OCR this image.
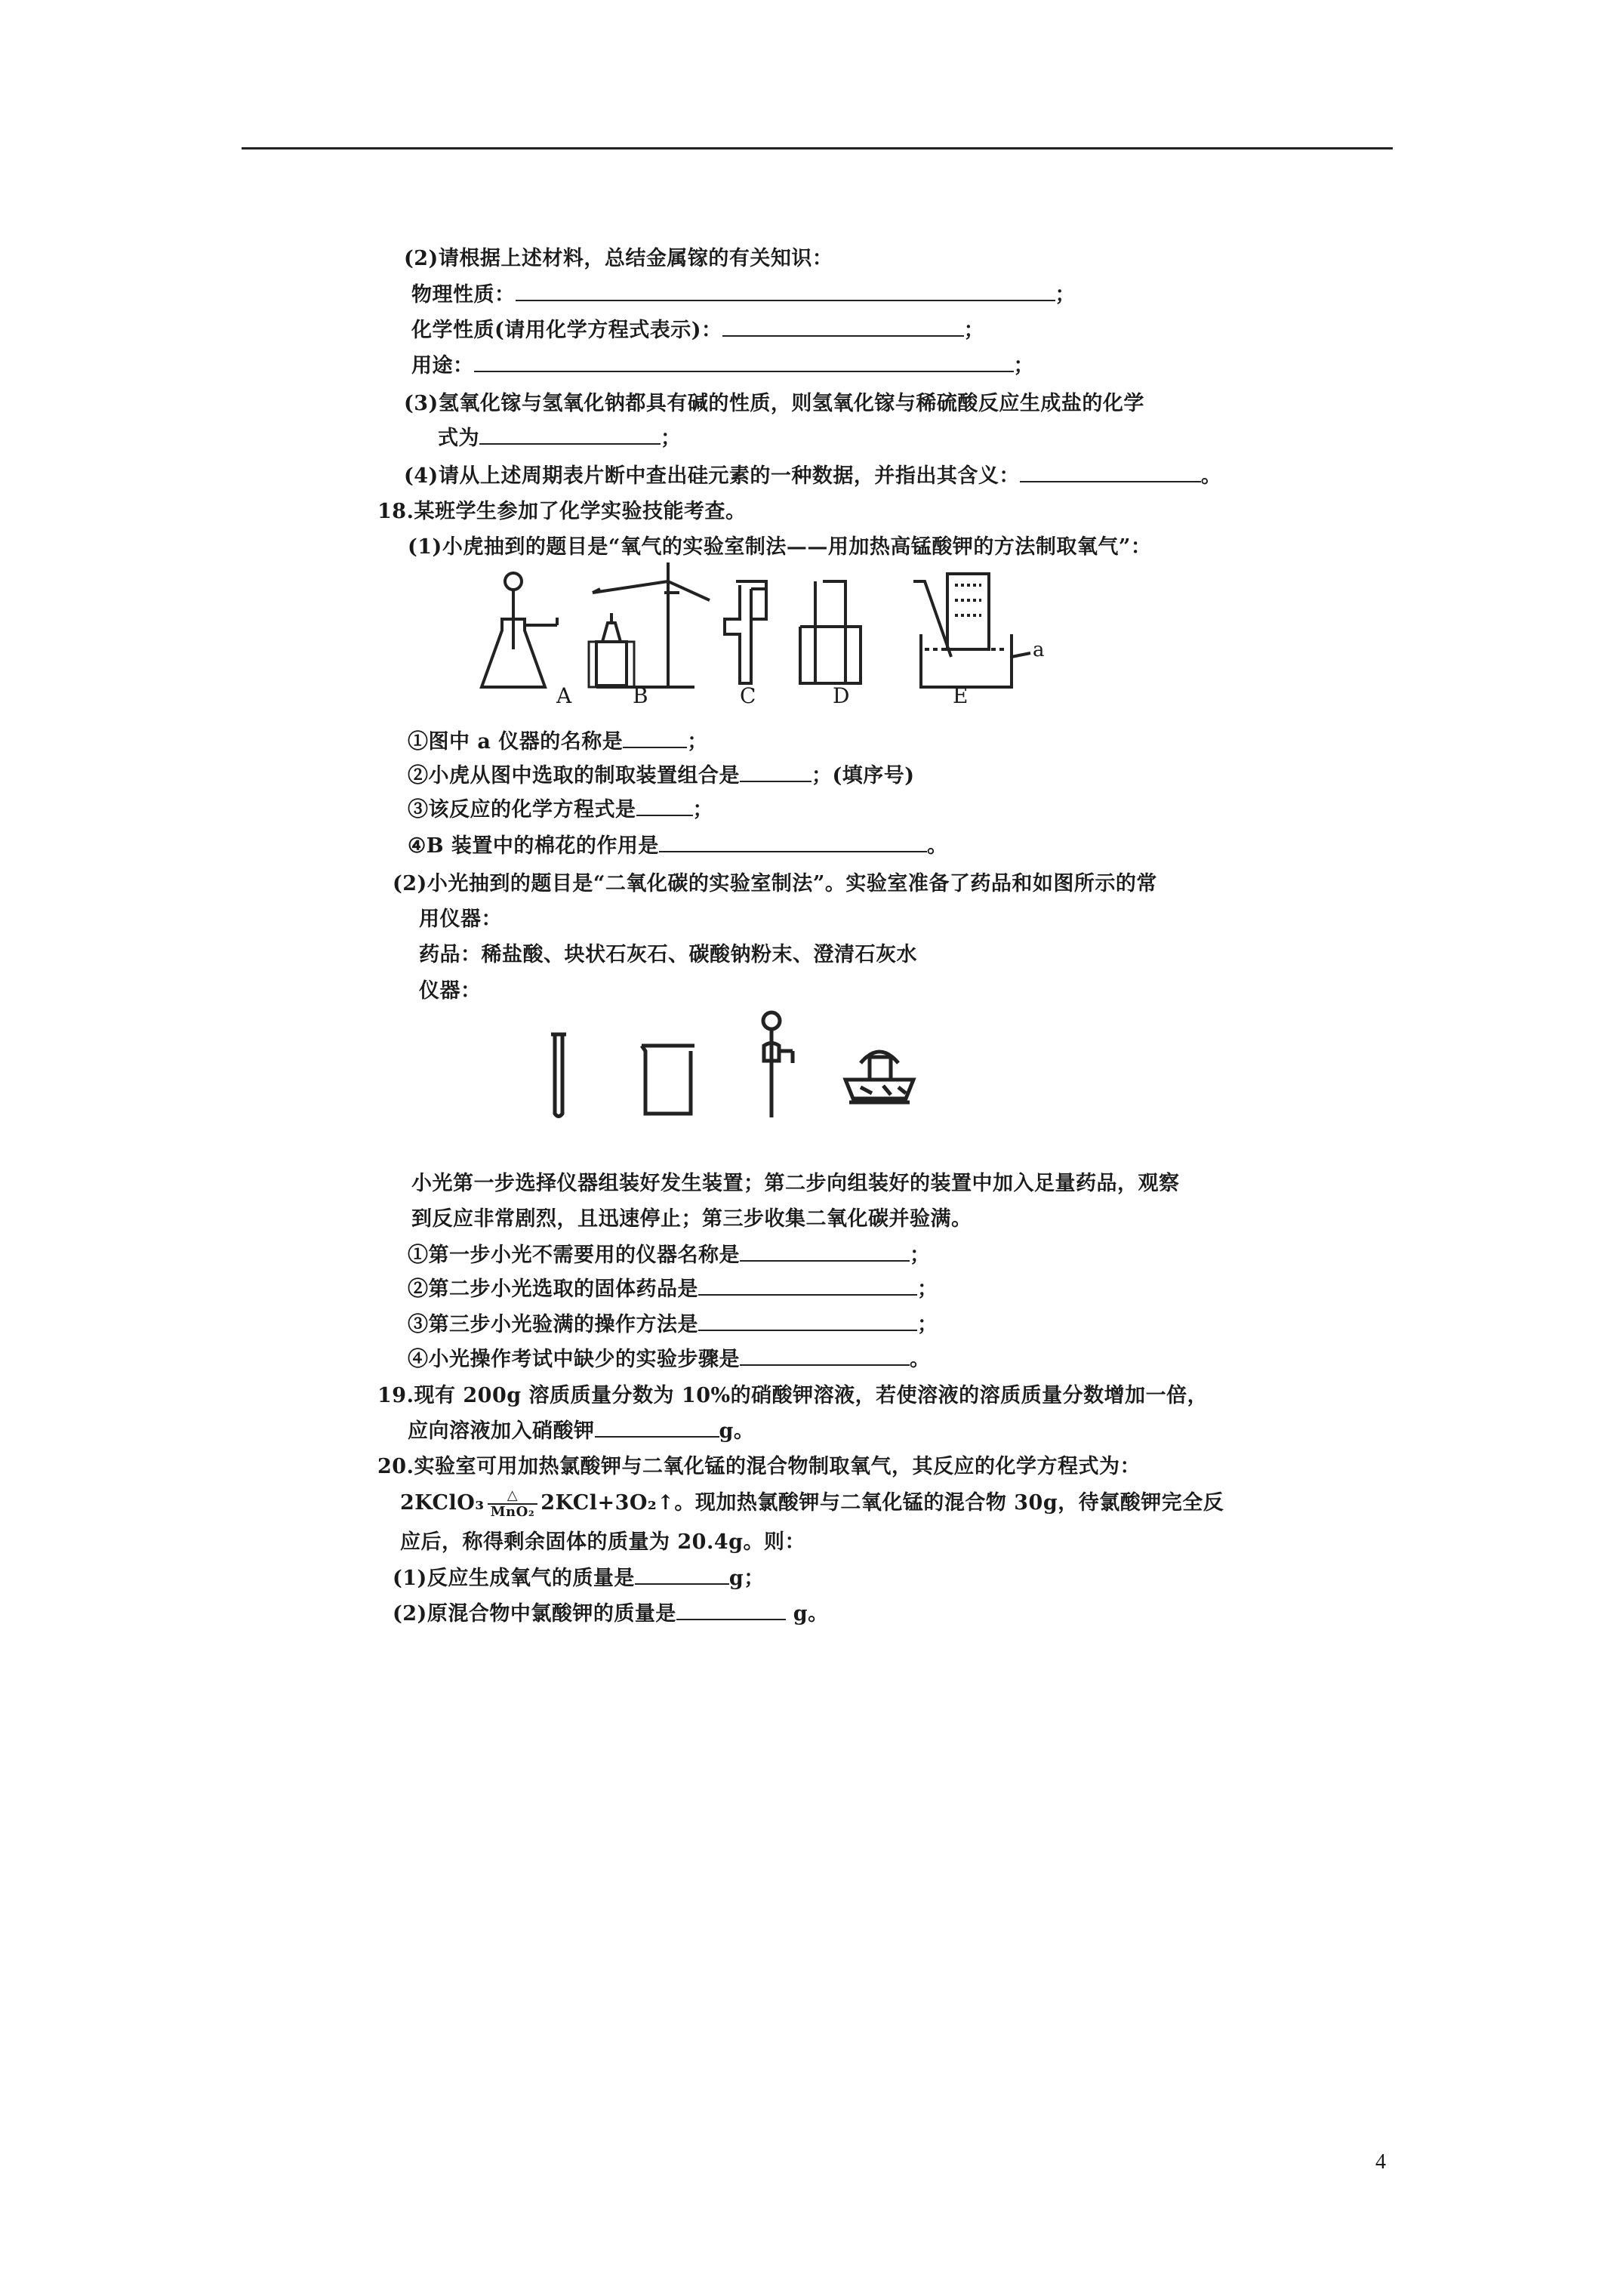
(2)请根据上述材料，总结金属镓的有关知识：
物理性质：	；
化学性质(请用化学方程式表示)：	；
用途：	；
(3)氢氧化镓与氢氧化钠都具有碱的性质，则氢氧化镓与稀硫酸反应生成盐的化学
式为	；
(4)请从上述周期表片断中查出硅元素的一种数据，并指出其含义：	。
18.某班学生参加了化学实验技能考查。
(1)小虎抽到的题目是“氧气的实验室制法——用加热高锰酸钾的方法制取氧气”：
A	B	C	D	E
a
①图中 a 仪器的名称是	；
②小虎从图中选取的制取装置组合是	；(填序号)
③该反应的化学方程式是	；
④B 装置中的棉花的作用是	。
(2)小光抽到的题目是“二氧化碳的实验室制法”。实验室准备了药品和如图所示的常
用仪器：
药品：稀盐酸、块状石灰石、碳酸钠粉末、澄清石灰水
仪器：
小光第一步选择仪器组装好发生装置；第二步向组装好的装置中加入足量药品，观察
到反应非常剧烈，且迅速停止；第三步收集二氧化碳并验满。
①第一步小光不需要用的仪器名称是	；
②第二步小光选取的固体药品是	；
③第三步小光验满的操作方法是	；
④小光操作考试中缺少的实验步骤是	。
19.现有 200g 溶质质量分数为 10%的硝酸钾溶液，若使溶液的溶质质量分数增加一倍，
应向溶液加入硝酸钾	g。
20.实验室可用加热氯酸钾与二氧化锰的混合物制取氧气，其反应的化学方程式为：
2KClO₃ $\frac{\triangle}{\text{MnO₂}}$ 2KCl+3O₂↑。现加热氯酸钾与二氧化锰的混合物 30g，待氯酸钾完全反
应后，称得剩余固体的质量为 20.4g。则：
(1)反应生成氧气的质量是	g；
(2)原混合物中氯酸钾的质量是	g。
4
